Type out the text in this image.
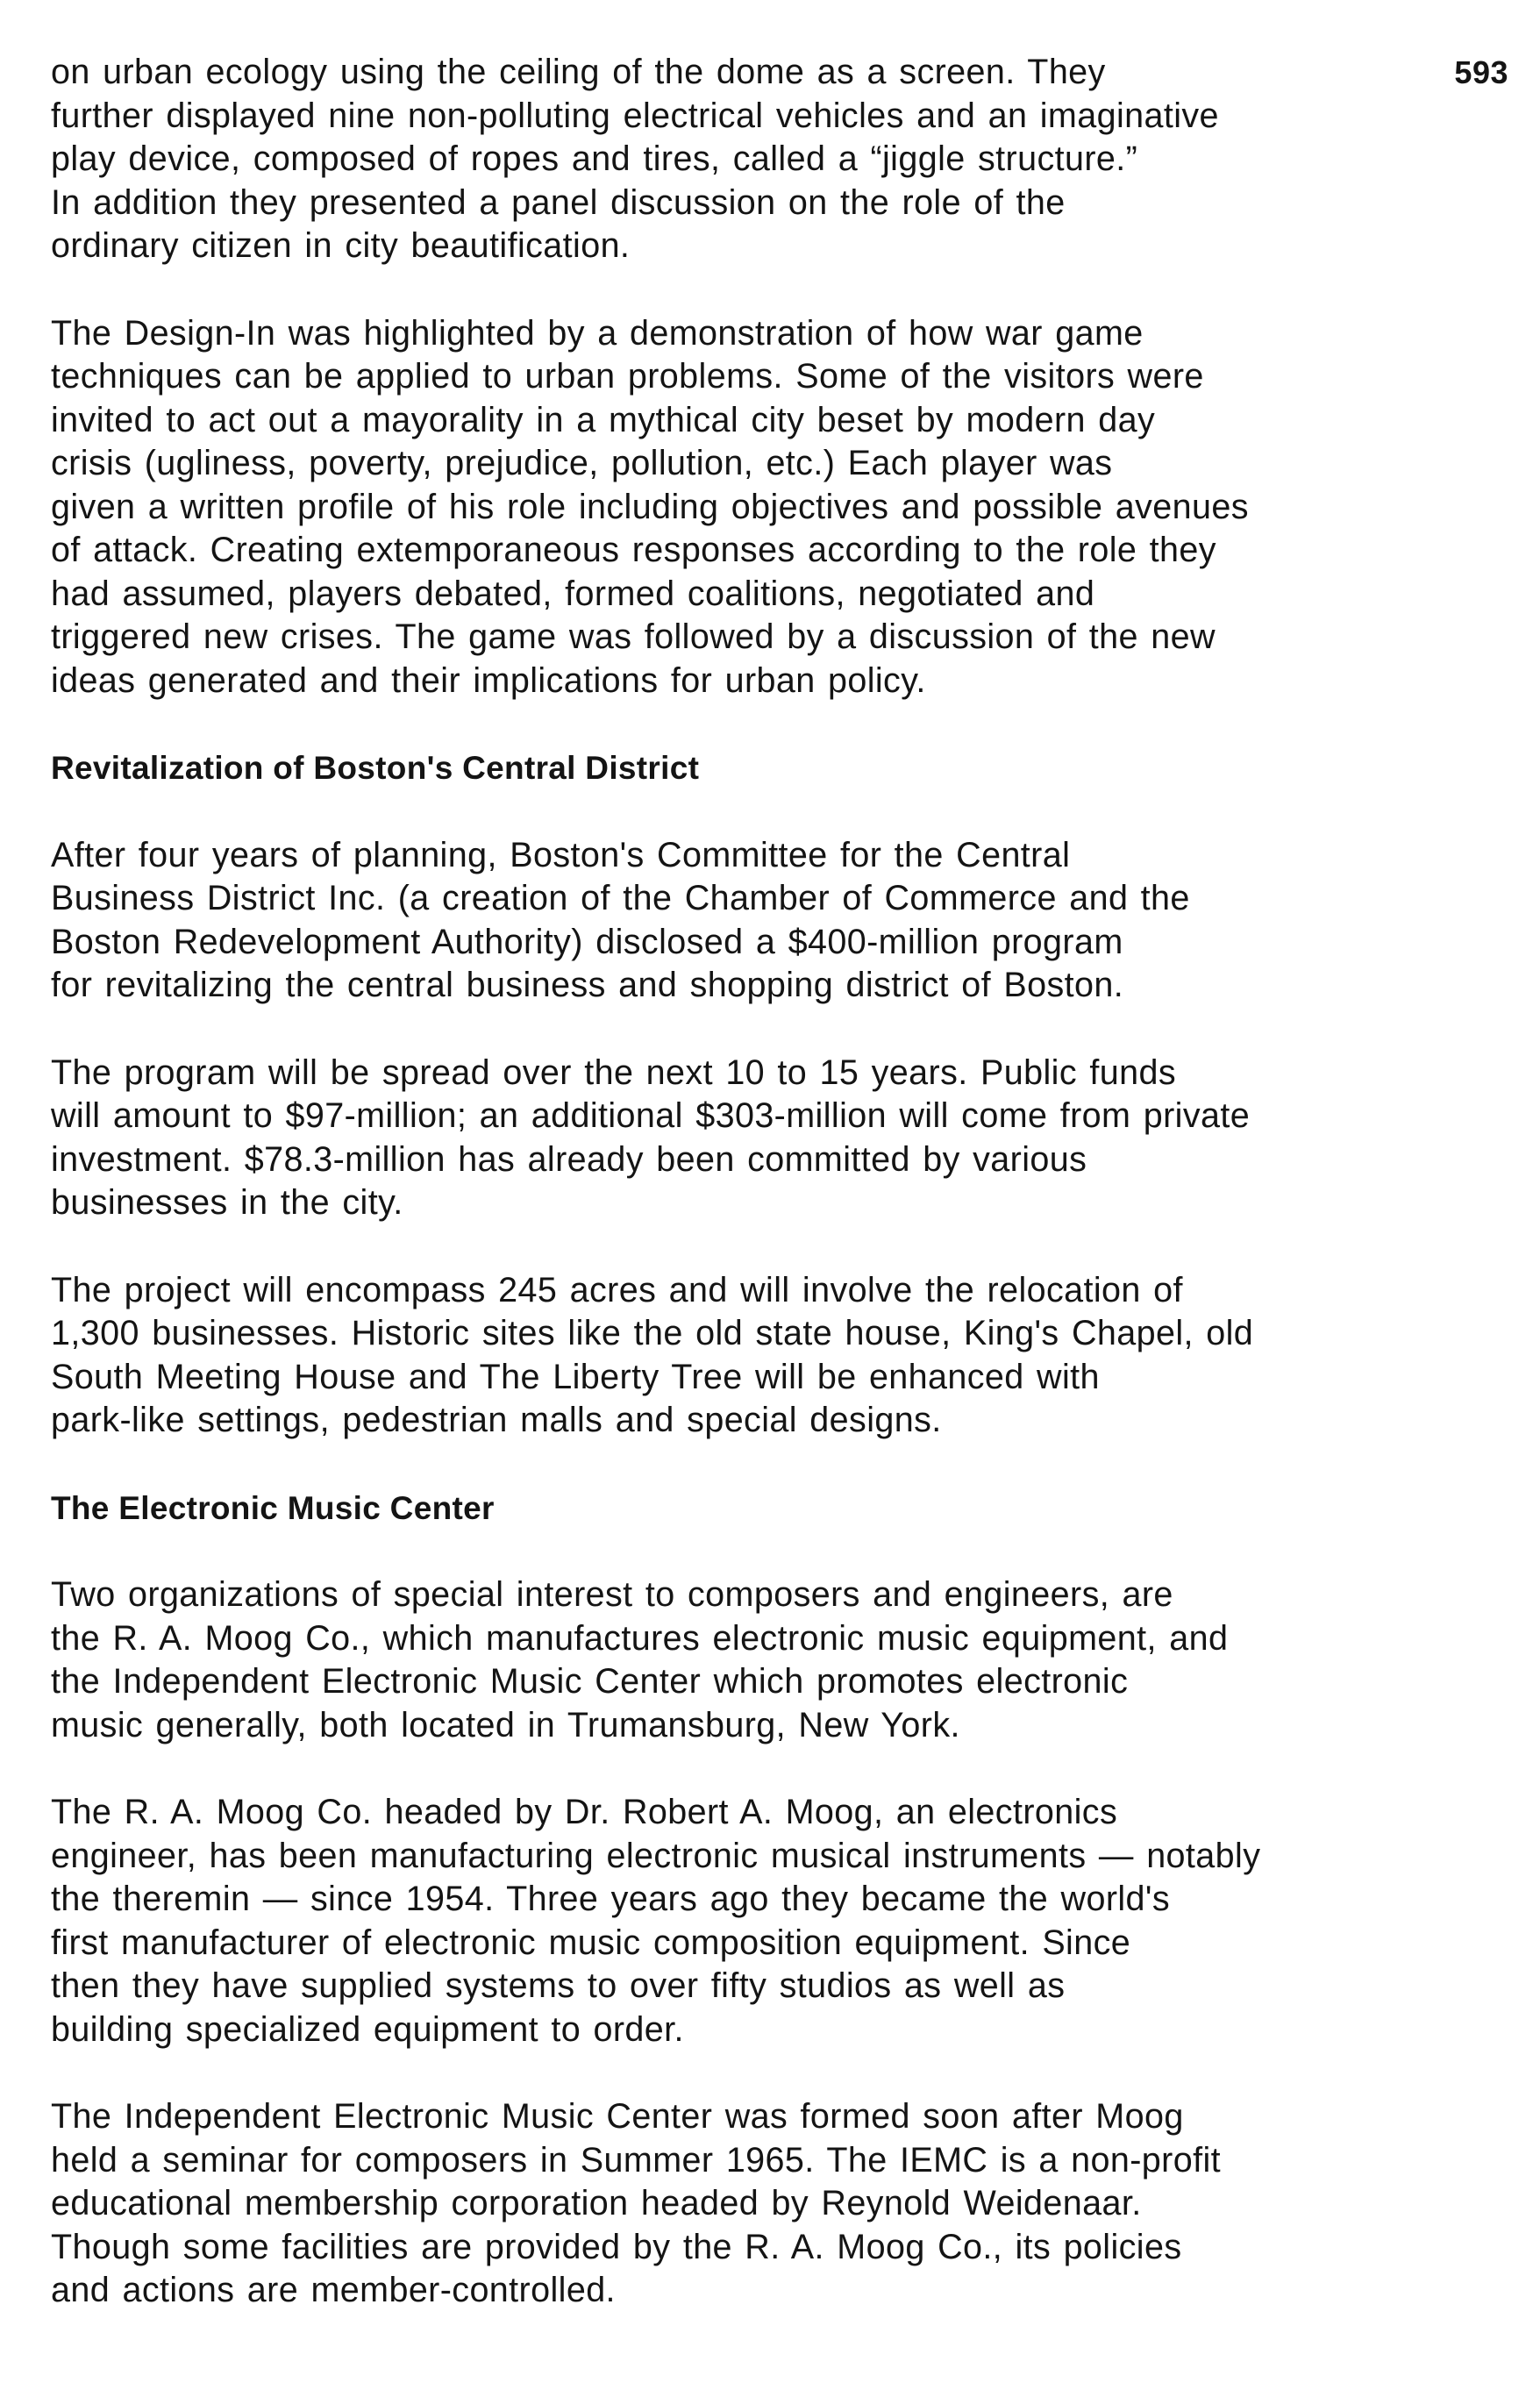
593

on urban ecology using the ceiling of the dome as a screen. They
further displayed nine non-polluting electrical vehicles and an imaginative
play device, composed of ropes and tires, called a “jiggle structure.”
In addition they presented a panel discussion on the role of the
ordinary citizen in city beautification.

The Design-In was highlighted by a demonstration of how war game
techniques can be applied to urban problems. Some of the visitors were
invited to act out a mayorality in a mythical city beset by modern day
crisis (ugliness, poverty, prejudice, pollution, etc.) Each player was
given a written profile of his role including objectives and possible avenues
of attack. Creating extemporaneous responses according to the role they
had assumed, players debated, formed coalitions, negotiated and
triggered new crises. The game was followed by a discussion of the new
ideas generated and their implications for urban policy.

Revitalization of Boston's Central District

After four years of planning, Boston's Committee for the Central
Business District Inc. (a creation of the Chamber of Commerce and the
Boston Redevelopment Authority) disclosed a $400-million program
for revitalizing the central business and shopping district of Boston.

The program will be spread over the next 10 to 15 years. Public funds
will amount to $97-million; an additional $303-million will come from private
investment. $78.3-million has already been committed by various
businesses in the city.

The project will encompass 245 acres and will involve the relocation of
1,300 businesses. Historic sites like the old state house, King's Chapel, old
South Meeting House and The Liberty Tree will be enhanced with
park-like settings, pedestrian malls and special designs.

The Electronic Music Center

Two organizations of special interest to composers and engineers, are
the R. A. Moog Co., which manufactures electronic music equipment, and
the Independent Electronic Music Center which promotes electronic
music generally, both located in Trumansburg, New York.

The R. A. Moog Co. headed by Dr. Robert A. Moog, an electronics
engineer, has been manufacturing electronic musical instruments — notably
the theremin — since 1954. Three years ago they became the world's
first manufacturer of electronic music composition equipment. Since
then they have supplied systems to over fifty studios as well as
building specialized equipment to order.

The Independent Electronic Music Center was formed soon after Moog
held a seminar for composers in Summer 1965. The IEMC is a non-profit
educational membership corporation headed by Reynold Weidenaar.
Though some facilities are provided by the R. A. Moog Co., its policies
and actions are member-controlled.
